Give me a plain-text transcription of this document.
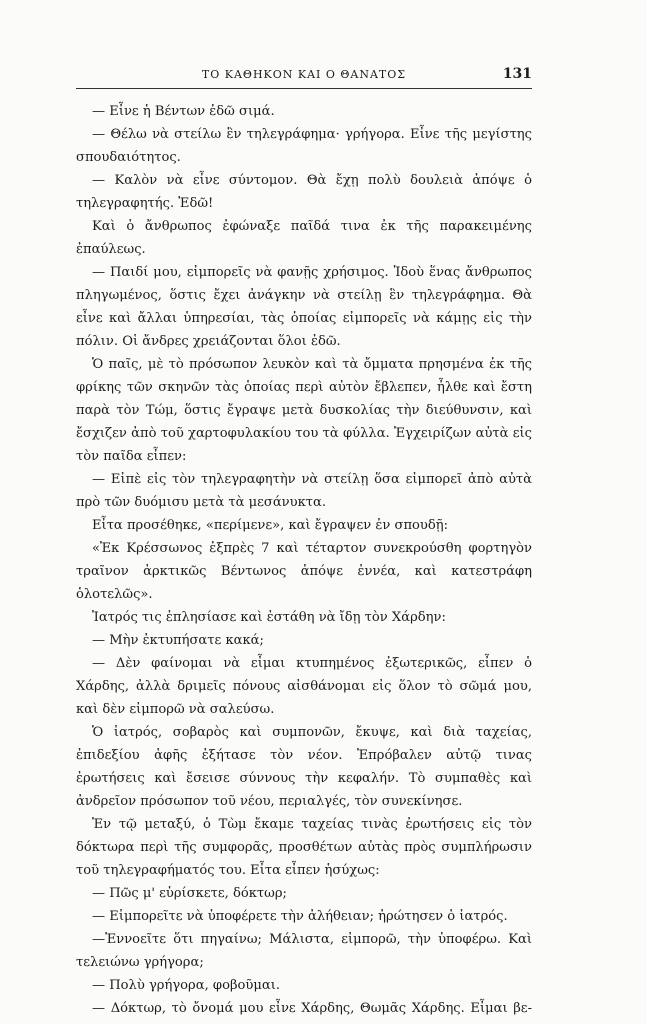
ΤΟ ΚΑΘΗΚΟΝ ΚΑΙ Ο ΘΑΝΑΤΟΣ	131

— Εἶνε ἡ Βέντων ἐδῶ σιμά.

— Θέλω νὰ στείλω ἓν τηλεγράφημα· γρήγορα. Εἶνε τῆς μεγίστης σπουδαιότητος.

— Καλὸν νὰ εἶνε σύντομον. Θὰ ἔχῃ πολὺ δουλειὰ ἀπόψε ὁ τηλεγραφητής. Ἐδῶ!

Καὶ ὁ ἄνθρωπος ἐφώναξε παῖδά τινα ἐκ τῆς παρακειμένης ἐπαύλεως.

— Παιδί μου, εἰμπορεῖς νὰ φανῇς χρήσιμος. Ἰδοὺ ἕνας ἄνθρωπος πληγωμένος, ὅστις ἔχει ἀνάγκην νὰ στείλῃ ἓν τηλεγράφημα. Θὰ εἶνε καὶ ἄλλαι ὑπηρεσίαι, τὰς ὁποίας εἰμπορεῖς νὰ κάμῃς εἰς τὴν πόλιν. Οἱ ἄνδρες χρειάζονται ὅλοι ἐδῶ.

Ὁ παῖς, μὲ τὸ πρόσωπον λευκὸν καὶ τὰ ὄμματα πρησμένα ἐκ τῆς φρίκης τῶν σκηνῶν τὰς ὁποίας περὶ αὐτὸν ἔβλεπεν, ἦλθε καὶ ἔστη παρὰ τὸν Τώμ, ὅστις ἔγραψε μετὰ δυσκολίας τὴν διεύθυνσιν, καὶ ἔσχιζεν ἀπὸ τοῦ χαρτοφυλακίου του τὰ φύλλα. Ἐγχειρίζων αὐτὰ εἰς τὸν παῖδα εἶπεν:

— Εἰπὲ εἰς τὸν τηλεγραφητὴν νὰ στείλῃ ὅσα εἰμπορεῖ ἀπὸ αὐτὰ πρὸ τῶν δυόμισυ μετὰ τὰ μεσάνυκτα.

Εἶτα προσέθηκε, «περίμενε», καὶ ἔγραψεν ἐν σπουδῇ:

«Ἐκ Κρέσσωνος ἐξπρὲς 7 καὶ τέταρτον συνεκρούσθη φορτηγὸν τραῖνον ἀρκτικῶς Βέντωνος ἀπόψε ἐννέα, καὶ κατεστράφη ὁλοτελῶς».

Ἰατρός τις ἐπλησίασε καὶ ἐστάθη νὰ ἴδῃ τὸν Χάρδην:

— Μὴν ἐκτυπήσατε κακά;

— Δὲν φαίνομαι νὰ εἶμαι κτυπημένος ἐξωτερικῶς, εἶπεν ὁ Χάρδης, ἀλλὰ δριμεῖς πόνους αἰσθάνομαι εἰς ὅλον τὸ σῶμά μου, καὶ δὲν εἰμπορῶ νὰ σαλεύσω.

Ὁ ἰατρός, σοβαρὸς καὶ συμπονῶν, ἔκυψε, καὶ διὰ ταχείας, ἐπιδεξίου ἁφῆς ἐξήτασε τὸν νέον. Ἐπρόβαλεν αὐτῷ τινας ἐρωτήσεις καὶ ἔσεισε σύννους τὴν κεφαλήν. Τὸ συμπαθὲς καὶ ἀνδρεῖον πρόσωπον τοῦ νέου, περιαλγές, τὸν συνεκίνησε.

Ἐν τῷ μεταξύ, ὁ Τὼμ ἔκαμε ταχείας τινὰς ἐρωτήσεις εἰς τὸν δόκτωρα περὶ τῆς συμφορᾶς, προσθέτων αὐτὰς πρὸς συμπλήρωσιν τοῦ τηλεγραφήματός του. Εἶτα εἶπεν ἡσύχως:

— Πῶς μ' εὑρίσκετε, δόκτωρ;

— Εἰμπορεῖτε νὰ ὑποφέρετε τὴν ἀλήθειαν; ἠρώτησεν ὁ ἰατρός.

—Ἐννοεῖτε ὅτι πηγαίνω; Μάλιστα, εἰμπορῶ, τὴν ὑποφέρω. Καὶ τελειώνω γρήγορα;

— Πολὺ γρήγορα, φοβοῦμαι.

— Δόκτωρ, τὸ ὄνομά μου εἶνε Χάρδης, Θωμᾶς Χάρδης. Εἶμαι βε-
